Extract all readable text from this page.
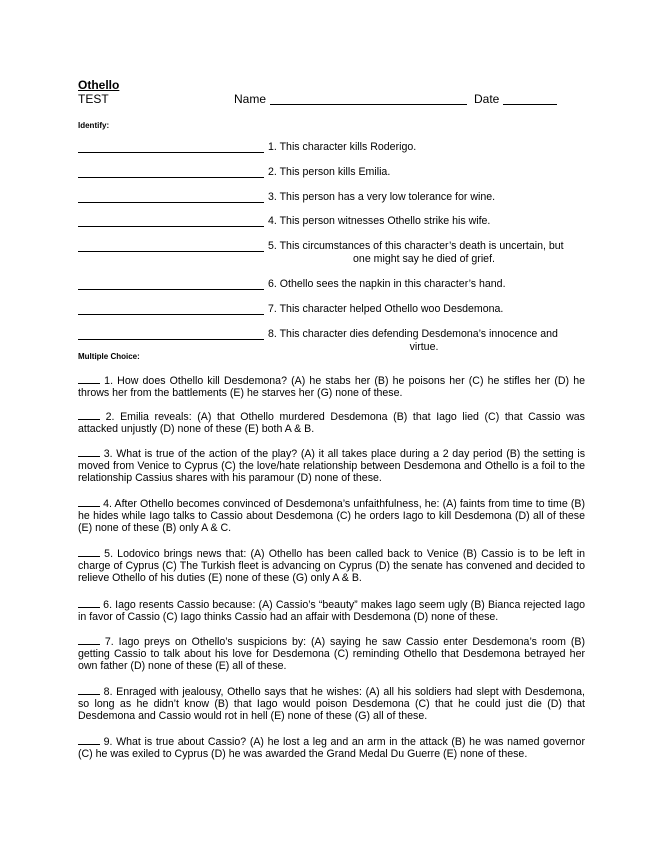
Othello
TEST	Name	Date
Identify:
1. This character kills Roderigo.
2. This person kills Emilia.
3. This person has a very low tolerance for wine.
4. This person witnesses Othello strike his wife.
5. This circumstances of this character’s death is uncertain, but
one might say he died of grief.
6. Othello sees the napkin in this character’s hand.
7. This character helped Othello woo Desdemona.
8. This character dies defending Desdemona’s innocence and
virtue.
Multiple Choice:
1. How does Othello kill Desdemona? (A) he stabs her (B) he poisons her (C) he stifles her (D) he throws her from the battlements (E) he starves her (G) none of these.
2. Emilia reveals: (A) that Othello murdered Desdemona (B) that Iago lied (C) that Cassio was attacked unjustly (D) none of these (E) both A & B.
3. What is true of the action of the play? (A) it all takes place during a 2 day period (B) the setting is moved from Venice to Cyprus (C) the love/hate relationship between Desdemona and Othello is a foil to the relationship Cassius shares with his paramour (D) none of these.
4. After Othello becomes convinced of Desdemona’s unfaithfulness, he: (A) faints from time to time (B) he hides while Iago talks to Cassio about Desdemona (C) he orders Iago to kill Desdemona (D) all of these (E) none of these (B) only A & C.
5. Lodovico brings news that: (A) Othello has been called back to Venice (B) Cassio is to be left in charge of Cyprus (C) The Turkish fleet is advancing on Cyprus (D) the senate has convened and decided to relieve Othello of his duties (E) none of these (G) only A & B.
6. Iago resents Cassio because: (A) Cassio’s “beauty” makes Iago seem ugly (B) Bianca rejected Iago in favor of Cassio (C) Iago thinks Cassio had an affair with Desdemona (D) none of these.
7. Iago preys on Othello’s suspicions by: (A) saying he saw Cassio enter Desdemona’s room (B) getting Cassio to talk about his love for Desdemona (C) reminding Othello that Desdemona betrayed her own father (D) none of these (E) all of these.
8. Enraged with jealousy, Othello says that he wishes: (A) all his soldiers had slept with Desdemona, so long as he didn’t know (B) that Iago would poison Desdemona (C) that he could just die (D) that Desdemona and Cassio would rot in hell (E) none of these (G) all of these.
9. What is true about Cassio? (A) he lost a leg and an arm in the attack (B) he was named governor (C) he was exiled to Cyprus (D) he was awarded the Grand Medal Du Guerre (E) none of these.
